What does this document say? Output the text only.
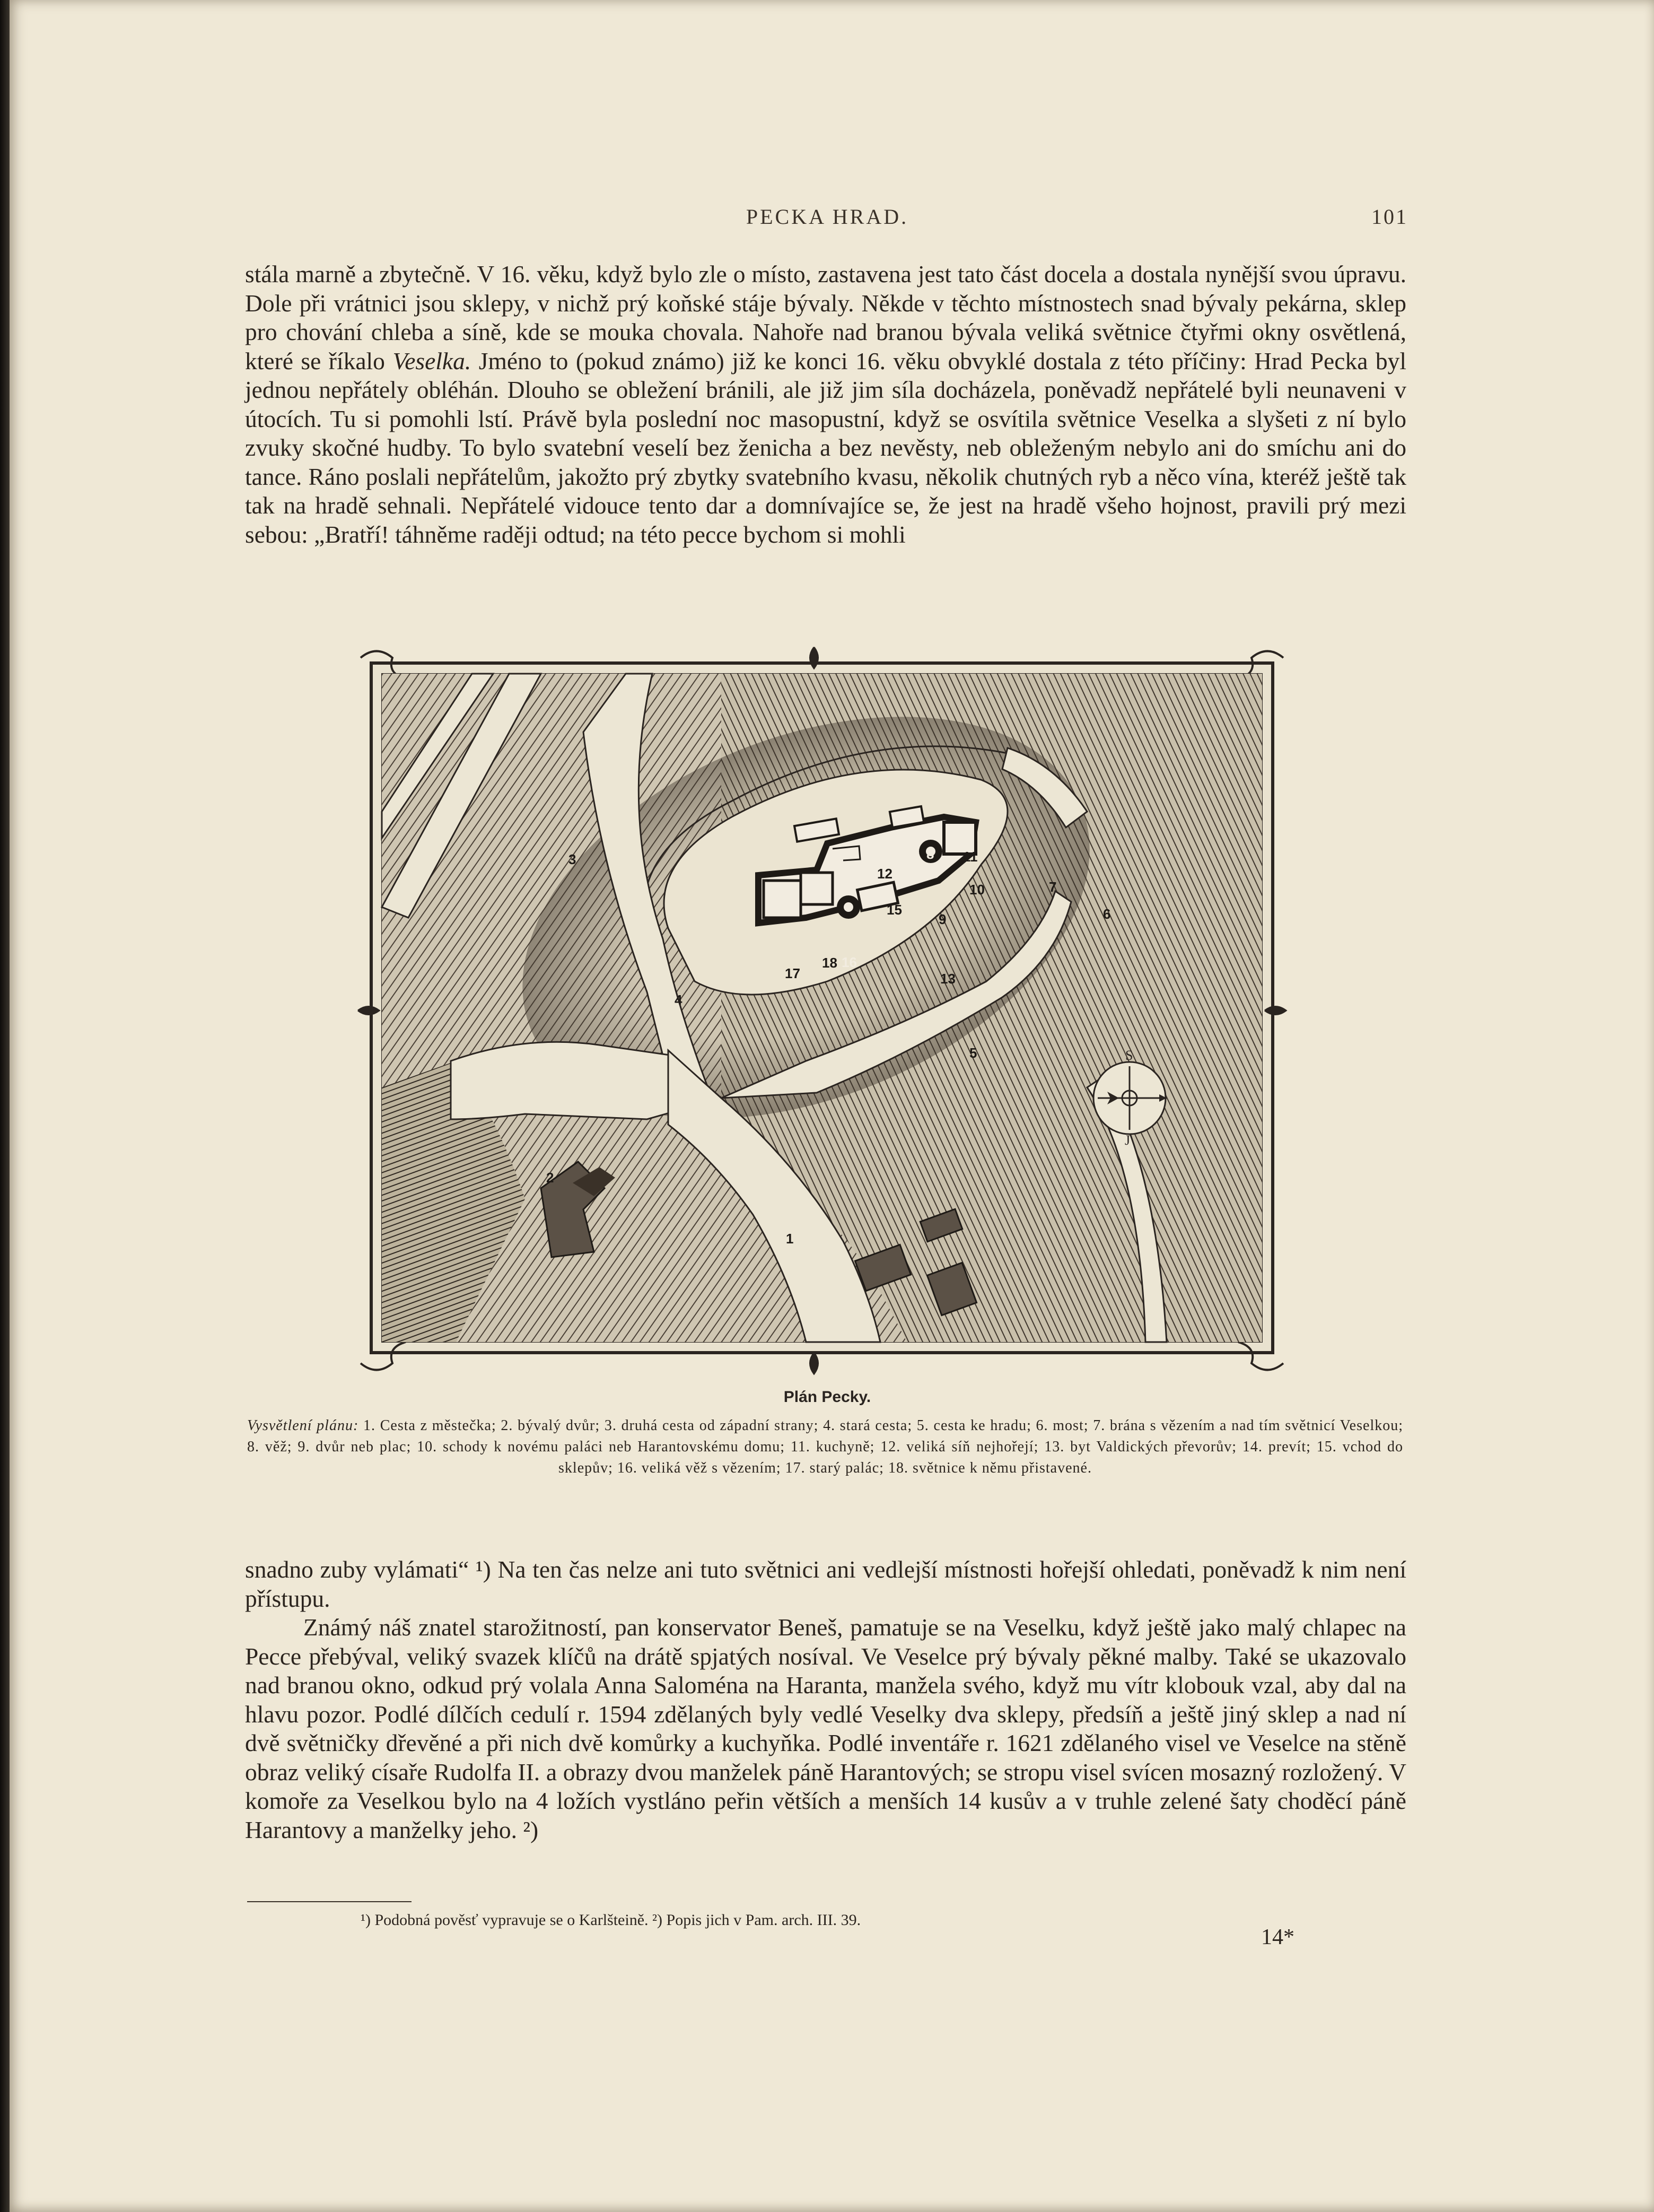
PECKA HRAD.	101

stála marně a zbytečně. V 16. věku, když bylo zle o místo, zastavena jest tato část docela a dostala nynější svou úpravu. Dole při vrátnici jsou sklepy, v nichž prý koňské stáje bývaly. Někde v těchto místnostech snad bývaly pekárna, sklep pro chování chleba a síně, kde se mouka chovala. Nahoře nad branou bývala veliká světnice čtyřmi okny osvětlená, které se říkalo Veselka. Jméno to (pokud známo) již ke konci 16. věku obvyklé dostala z této příčiny: Hrad Pecka byl jednou nepřátely obléhán. Dlouho se obležení bránili, ale již jim síla docházela, poněvadž nepřátelé byli neunaveni v útocích. Tu si pomohli lstí. Právě byla poslední noc masopustní, když se osvítila světnice Veselka a slyšeti z ní bylo zvuky skočné hudby. To bylo svatební veselí bez ženicha a bez nevěsty, neb obleženým nebylo ani do smíchu ani do tance. Ráno poslali nepřátelům, jakožto prý zbytky svatebního kvasu, několik chutných ryb a něco vína, kteréž ještě tak tak na hradě sehnali. Nepřátelé vidouce tento dar a domnívajíce se, že jest na hradě všeho hojnost, pravili prý mezi sebou: „Bratří! táhněme raději odtud; na této pecce bychom si mohli

3
2
1
4
5
6
7
8
9
10
16
11
12
13
15
17
18
S
J
Plán Pecky.
Vysvětlení plánu: 1. Cesta z městečka; 2. bývalý dvůr; 3. druhá cesta od západní strany; 4. stará cesta; 5. cesta ke hradu; 6. most; 7. brána s vězením a nad tím světnicí Veselkou; 8. věž; 9. dvůr neb plac; 10. schody k novému paláci neb Harantovskému domu; 11. kuchyně; 12. veliká síň nejhořejí; 13. byt Valdických převorův; 14. prevít; 15. vchod do sklepův; 16. veliká věž s vězením; 17. starý palác; 18. světnice k němu přistavené.

snadno zuby vylámati“ ¹) Na ten čas nelze ani tuto světnici ani vedlejší místnosti hořejší ohledati, poněvadž k nim není přístupu.

Známý náš znatel starožitností, pan konservator Beneš, pamatuje se na Veselku, když ještě jako malý chlapec na Pecce přebýval, veliký svazek klíčů na drátě spjatých nosíval. Ve Veselce prý bývaly pěkné malby. Také se ukazovalo nad branou okno, odkud prý volala Anna Saloména na Haranta, manžela svého, když mu vítr klobouk vzal, aby dal na hlavu pozor. Podlé dílčích cedulí r. 1594 zdělaných byly vedlé Veselky dva sklepy, předsíň a ještě jiný sklep a nad ní dvě světničky dřevěné a při nich dvě komůrky a kuchyňka. Podlé inventáře r. 1621 zdělaného visel ve Veselce na stěně obraz veliký císaře Rudolfa II. a obrazy dvou manželek páně Harantových; se stropu visel svícen mosazný rozložený. V komoře za Veselkou bylo na 4 ložích vystláno peřin větších a menších 14 kusův a v truhle zelené šaty choděcí páně Harantovy a manželky jeho. ²)

¹) Podobná pověsť vypravuje se o Karlšteině. ²) Popis jich v Pam. arch. III. 39.
14*
